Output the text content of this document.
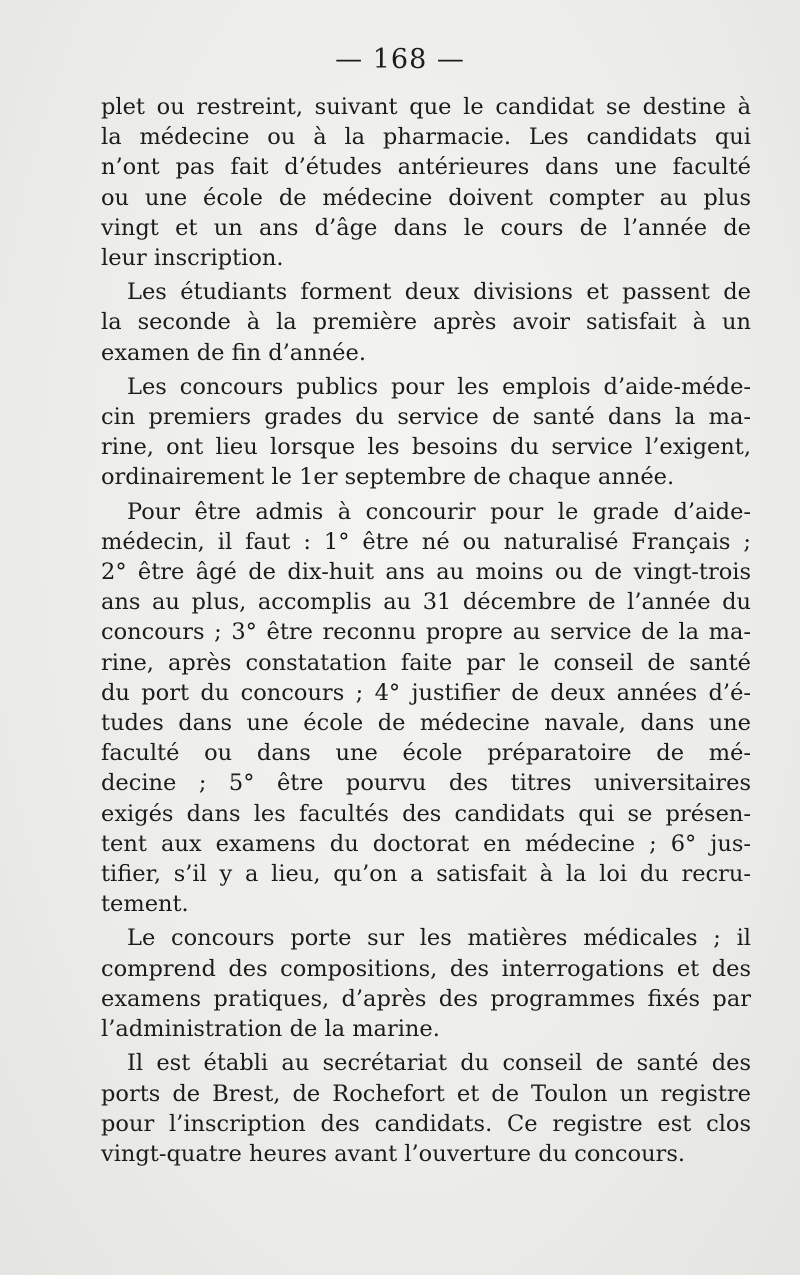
— 168 —
plet ou restreint, suivant que le candidat se destine à
la médecine ou à la pharmacie. Les candidats qui
n’ont pas fait d’études antérieures dans une faculté
ou une école de médecine doivent compter au plus
vingt et un ans d’âge dans le cours de l’année de
leur inscription.
Les étudiants forment deux divisions et passent de
la seconde à la première après avoir satisfait à un
examen de fin d’année.
Les concours publics pour les emplois d’aide-méde-
cin premiers grades du service de santé dans la ma-
rine, ont lieu lorsque les besoins du service l’exigent,
ordinairement le 1er septembre de chaque année.
Pour être admis à concourir pour le grade d’aide-
médecin, il faut : 1° être né ou naturalisé Français ;
2° être âgé de dix-huit ans au moins ou de vingt-trois
ans au plus, accomplis au 31 décembre de l’année du
concours ; 3° être reconnu propre au service de la ma-
rine, après constatation faite par le conseil de santé
du port du concours ; 4° justifier de deux années d’é-
tudes dans une école de médecine navale, dans une
faculté ou dans une école préparatoire de mé-
decine ; 5° être pourvu des titres universitaires
exigés dans les facultés des candidats qui se présen-
tent aux examens du doctorat en médecine ; 6° jus-
tifier, s’il y a lieu, qu’on a satisfait à la loi du recru-
tement.
Le concours porte sur les matières médicales ; il
comprend des compositions, des interrogations et des
examens pratiques, d’après des programmes fixés par
l’administration de la marine.
Il est établi au secrétariat du conseil de santé des
ports de Brest, de Rochefort et de Toulon un registre
pour l’inscription des candidats. Ce registre est clos
vingt-quatre heures avant l’ouverture du concours.
